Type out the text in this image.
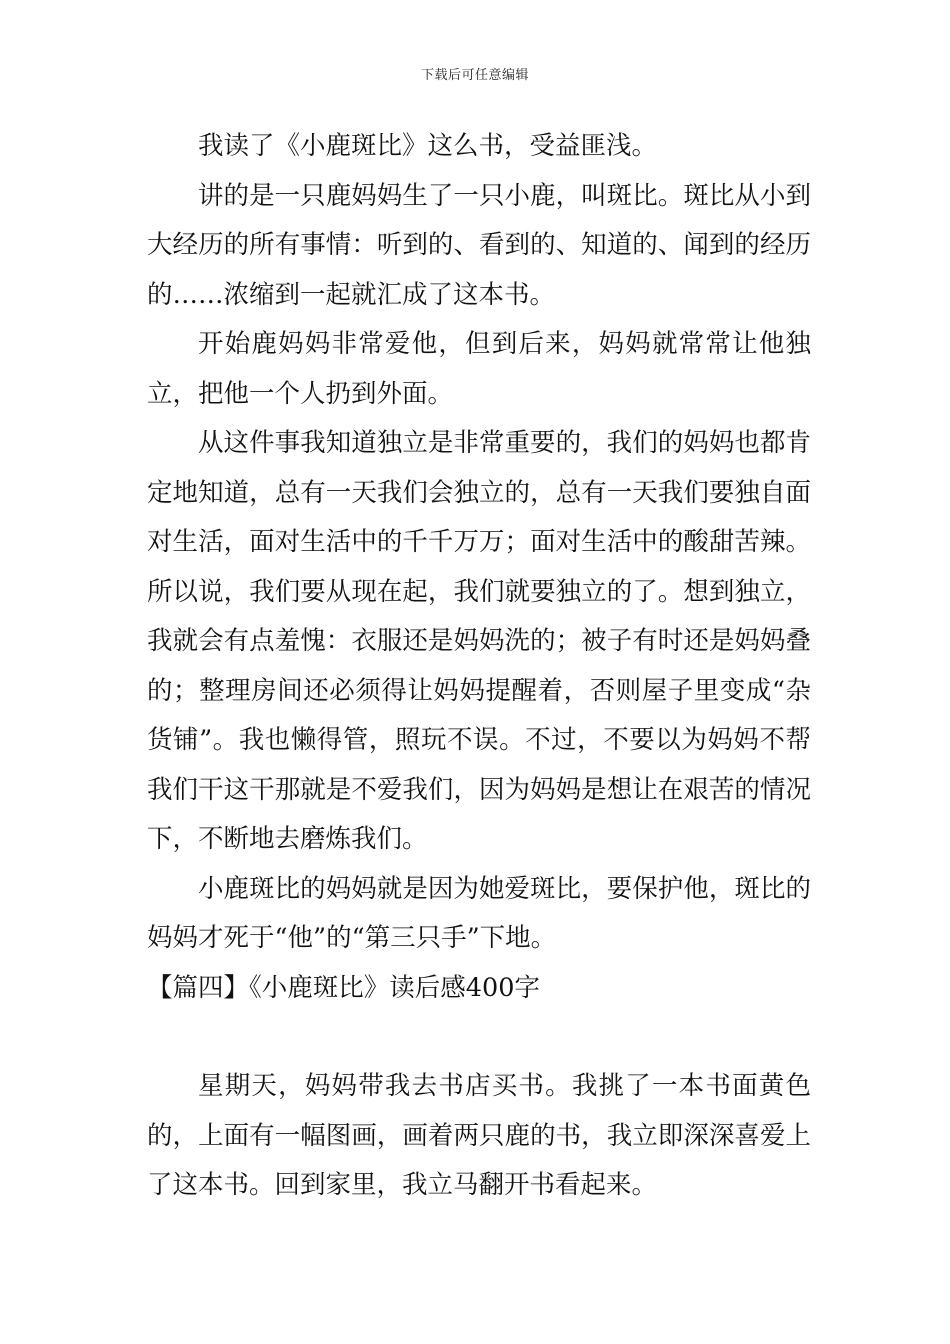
下载后可任意编辑

我读了《小鹿斑比》这么书，受益匪浅。

讲的是一只鹿妈妈生了一只小鹿，叫斑比。斑比从小到大经历的所有事情：听到的、看到的、知道的、闻到的经历的……浓缩到一起就汇成了这本书。

开始鹿妈妈非常爱他，但到后来，妈妈就常常让他独立，把他一个人扔到外面。

从这件事我知道独立是非常重要的，我们的妈妈也都肯定地知道，总有一天我们会独立的，总有一天我们要独自面对生活，面对生活中的千千万万；面对生活中的酸甜苦辣。所以说，我们要从现在起，我们就要独立的了。想到独立，我就会有点羞愧：衣服还是妈妈洗的；被子有时还是妈妈叠的；整理房间还必须得让妈妈提醒着，否则屋子里变成“杂货铺”。我也懒得管，照玩不误。不过，不要以为妈妈不帮我们干这干那就是不爱我们，因为妈妈是想让在艰苦的情况下，不断地去磨炼我们。

小鹿斑比的妈妈就是因为她爱斑比，要保护他，斑比的妈妈才死于“他”的“第三只手”下地。

【篇四】《小鹿斑比》读后感400字

星期天，妈妈带我去书店买书。我挑了一本书面黄色的，上面有一幅图画，画着两只鹿的书，我立即深深喜爱上了这本书。回到家里，我立马翻开书看起来。
